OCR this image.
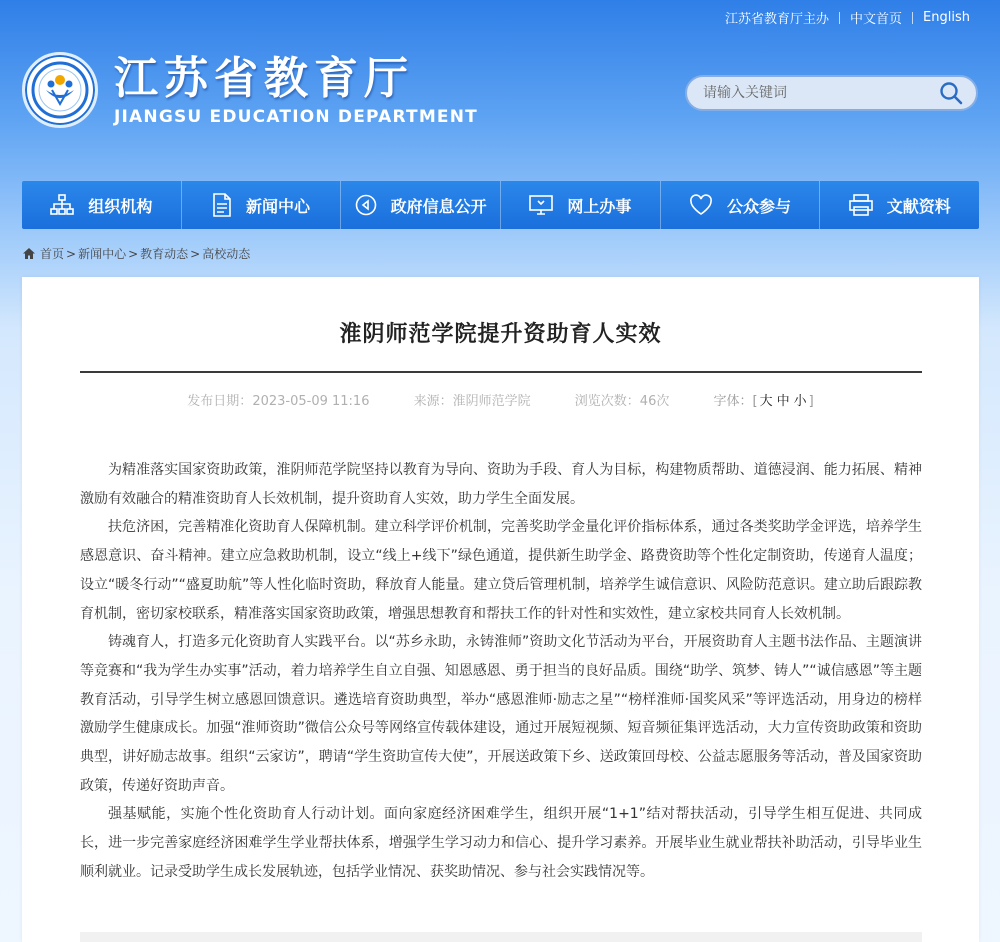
江苏省教育厅主办 中文首页 English
江苏省教育厅
JIANGSU EDUCATION DEPARTMENT
请输入关键词
组织机构	新闻中心	政府信息公开	网上办事	公众参与	文献资料
首页 > 新闻中心 > 教育动态 > 高校动态
淮阴师范学院提升资助育人实效
发布日期：2023-05-09 11:16	来源：淮阴师范学院	浏览次数：46次	字体：[ 大 中 小 ]

为精准落实国家资助政策，淮阴师范学院坚持以教育为导向、资助为手段、育人为目标，构建物质帮助、道德浸润、能力拓展、精神激励有效融合的精准资助育人长效机制，提升资助育人实效，助力学生全面发展。

扶危济困，完善精准化资助育人保障机制。建立科学评价机制，完善奖助学金量化评价指标体系，通过各类奖助学金评选，培养学生感恩意识、奋斗精神。建立应急救助机制，设立“线上+线下”绿色通道，提供新生助学金、路费资助等个性化定制资助，传递育人温度；设立“暖冬行动”“盛夏助航”等人性化临时资助，释放育人能量。建立贷后管理机制，培养学生诚信意识、风险防范意识。建立助后跟踪教育机制，密切家校联系，精准落实国家资助政策，增强思想教育和帮扶工作的针对性和实效性，建立家校共同育人长效机制。

铸魂育人，打造多元化资助育人实践平台。以“苏乡永助，永铸淮师”资助文化节活动为平台，开展资助育人主题书法作品、主题演讲等竞赛和“我为学生办实事”活动，着力培养学生自立自强、知恩感恩、勇于担当的良好品质。围绕“助学、筑梦、铸人”“诚信感恩”等主题教育活动，引导学生树立感恩回馈意识。遴选培育资助典型，举办“感恩淮师·励志之星”“榜样淮师·国奖风采”等评选活动，用身边的榜样激励学生健康成长。加强“淮师资助”微信公众号等网络宣传载体建设，通过开展短视频、短音频征集评选活动，大力宣传资助政策和资助典型，讲好励志故事。组织“云家访”，聘请“学生资助宣传大使”，开展送政策下乡、送政策回母校、公益志愿服务等活动，普及国家资助政策，传递好资助声音。

强基赋能，实施个性化资助育人行动计划。面向家庭经济困难学生，组织开展“1+1”结对帮扶活动，引导学生相互促进、共同成长，进一步完善家庭经济困难学生学业帮扶体系，增强学生学习动力和信心、提升学习素养。开展毕业生就业帮扶补助活动，引导毕业生顺利就业。记录受助学生成长发展轨迹，包括学业情况、获奖助情况、参与社会实践情况等。
